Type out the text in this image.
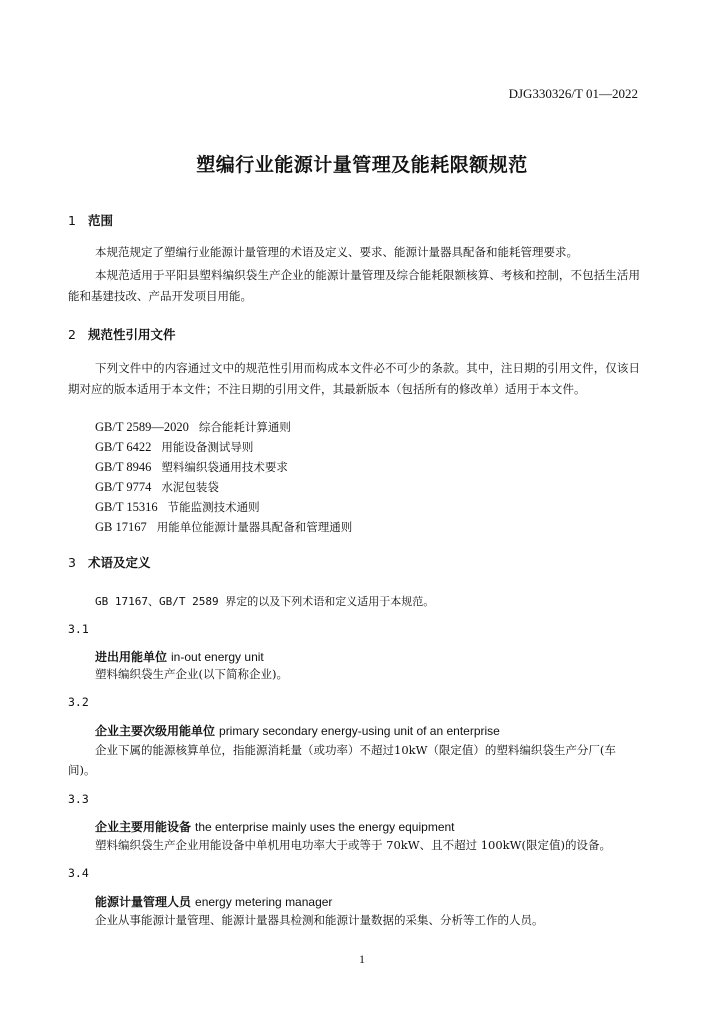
DJG330326/T 01—2022
塑编行业能源计量管理及能耗限额规范
1 范围
本规范规定了塑编行业能源计量管理的术语及定义、要求、能源计量器具配备和能耗管理要求。
本规范适用于平阳县塑料编织袋生产企业的能源计量管理及综合能耗限额核算、考核和控制，不包括生活用能和基建技改、产品开发项目用能。
2 规范性引用文件
下列文件中的内容通过文中的规范性引用而构成本文件必不可少的条款。其中，注日期的引用文件，仅该日期对应的版本适用于本文件；不注日期的引用文件，其最新版本（包括所有的修改单）适用于本文件。
GB/T 2589—2020 综合能耗计算通则
GB/T 6422 用能设备测试导则
GB/T 8946 塑料编织袋通用技术要求
GB/T 9774 水泥包装袋
GB/T 15316 节能监测技术通则
GB 17167 用能单位能源计量器具配备和管理通则
3 术语及定义
GB 17167、GB/T 2589 界定的以及下列术语和定义适用于本规范。
3.1
进出用能单位 in-out energy unit
塑料编织袋生产企业(以下简称企业)。
3.2
企业主要次级用能单位 primary secondary energy-using unit of an enterprise
企业下属的能源核算单位，指能源消耗量（或功率）不超过10kW（限定值）的塑料编织袋生产分厂(车间)。
3.3
企业主要用能设备 the enterprise mainly uses the energy equipment
塑料编织袋生产企业用能设备中单机用电功率大于或等于 70kW、且不超过 100kW(限定值)的设备。
3.4
能源计量管理人员 energy metering manager
企业从事能源计量管理、能源计量器具检测和能源计量数据的采集、分析等工作的人员。
1
